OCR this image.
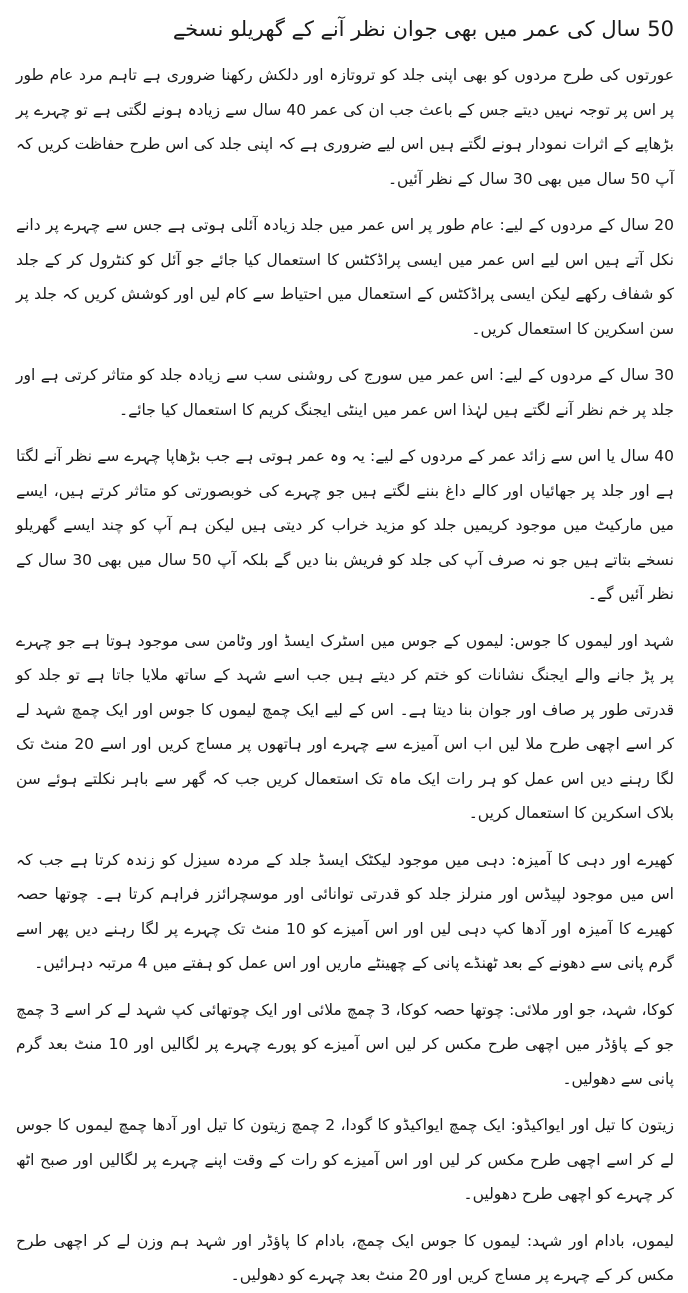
50 سال کی عمر میں بھی جوان نظر آنے کے گھریلو نسخے

عورتوں کی طرح مردوں کو بھی اپنی جلد کو تروتازہ اور دلکش رکھنا ضروری ہے تاہم مرد عام طور پر اس پر توجہ نہیں دیتے جس کے باعث جب ان کی عمر 40 سال سے زیادہ ہونے لگتی ہے تو چہرے پر بڑھاپے کے اثرات نمودار ہونے لگتے ہیں اس لیے ضروری ہے کہ اپنی جلد کی اس طرح حفاظت کریں کہ آپ 50 سال میں بھی 30 سال کے نظر آئیں۔

20 سال کے مردوں کے لیے: عام طور پر اس عمر میں جلد زیادہ آئلی ہوتی ہے جس سے چہرے پر دانے نکل آتے ہیں اس لیے اس عمر میں ایسی پراڈکٹس کا استعمال کیا جائے جو آئل کو کنٹرول کر کے جلد کو شفاف رکھے لیکن ایسی پراڈکٹس کے استعمال میں احتیاط سے کام لیں اور کوشش کریں کہ جلد پر سن اسکرین کا استعمال کریں۔

30 سال کے مردوں کے لیے: اس عمر میں سورج کی روشنی سب سے زیادہ جلد کو متاثر کرتی ہے اور جلد پر خم نظر آنے لگتے ہیں لہٰذا اس عمر میں اینٹی ایجنگ کریم کا استعمال کیا جائے۔

40 سال یا اس سے زائد عمر کے مردوں کے لیے: یہ وہ عمر ہوتی ہے جب بڑھاپا چہرے سے نظر آنے لگتا ہے اور جلد پر جھائیاں اور کالے داغ بننے لگتے ہیں جو چہرے کی خوبصورتی کو متاثر کرتے ہیں، ایسے میں مارکیٹ میں موجود کریمیں جلد کو مزید خراب کر دیتی ہیں لیکن ہم آپ کو چند ایسے گھریلو نسخے بتاتے ہیں جو نہ صرف آپ کی جلد کو فریش بنا دیں گے بلکہ آپ 50 سال میں بھی 30 سال کے نظر آئیں گے۔

شہد اور لیموں کا جوس: لیموں کے جوس میں اسٹرک ایسڈ اور وٹامن سی موجود ہوتا ہے جو چہرے پر پڑ جانے والے ایجنگ نشانات کو ختم کر دیتے ہیں جب اسے شہد کے ساتھ ملایا جاتا ہے تو جلد کو قدرتی طور پر صاف اور جوان بنا دیتا ہے۔ اس کے لیے ایک چمچ لیموں کا جوس اور ایک چمچ شہد لے کر اسے اچھی طرح ملا لیں اب اس آمیزے سے چہرے اور ہاتھوں پر مساج کریں اور اسے 20 منٹ تک لگا رہنے دیں اس عمل کو ہر رات ایک ماہ تک استعمال کریں جب کہ گھر سے باہر نکلتے ہوئے سن بلاک اسکرین کا استعمال کریں۔

کھیرے اور دہی کا آمیزہ: دہی میں موجود لیکٹک ایسڈ جلد کے مردہ سیزل کو زندہ کرتا ہے جب کہ اس میں موجود لپیڈس اور منرلز جلد کو قدرتی توانائی اور موسچرائزر فراہم کرتا ہے۔ چوتھا حصہ کھیرے کا آمیزہ اور آدھا کپ دہی لیں اور اس آمیزے کو 10 منٹ تک چہرے پر لگا رہنے دیں پھر اسے گرم پانی سے دھونے کے بعد ٹھنڈے پانی کے چھینٹے ماریں اور اس عمل کو ہفتے میں 4 مرتبہ دہرائیں۔

کوکا، شہد، جو اور ملائی: چوتھا حصہ کوکا، 3 چمچ ملائی اور ایک چوتھائی کپ شہد لے کر اسے 3 چمچ جو کے پاؤڈر میں اچھی طرح مکس کر لیں اس آمیزے کو پورے چہرے پر لگالیں اور 10 منٹ بعد گرم پانی سے دھولیں۔

زیتون کا تیل اور ایواکیڈو: ایک چمچ ایواکیڈو کا گودا، 2 چمچ زیتون کا تیل اور آدھا چمچ لیموں کا جوس لے کر اسے اچھی طرح مکس کر لیں اور اس آمیزے کو رات کے وقت اپنے چہرے پر لگالیں اور صبح اٹھ کر چہرے کو اچھی طرح دھولیں۔

لیموں، بادام اور شہد: لیموں کا جوس ایک چمچ، بادام کا پاؤڈر اور شہد ہم وزن لے کر اچھی طرح مکس کر کے چہرے پر مساج کریں اور 20 منٹ بعد چہرے کو دھولیں۔
